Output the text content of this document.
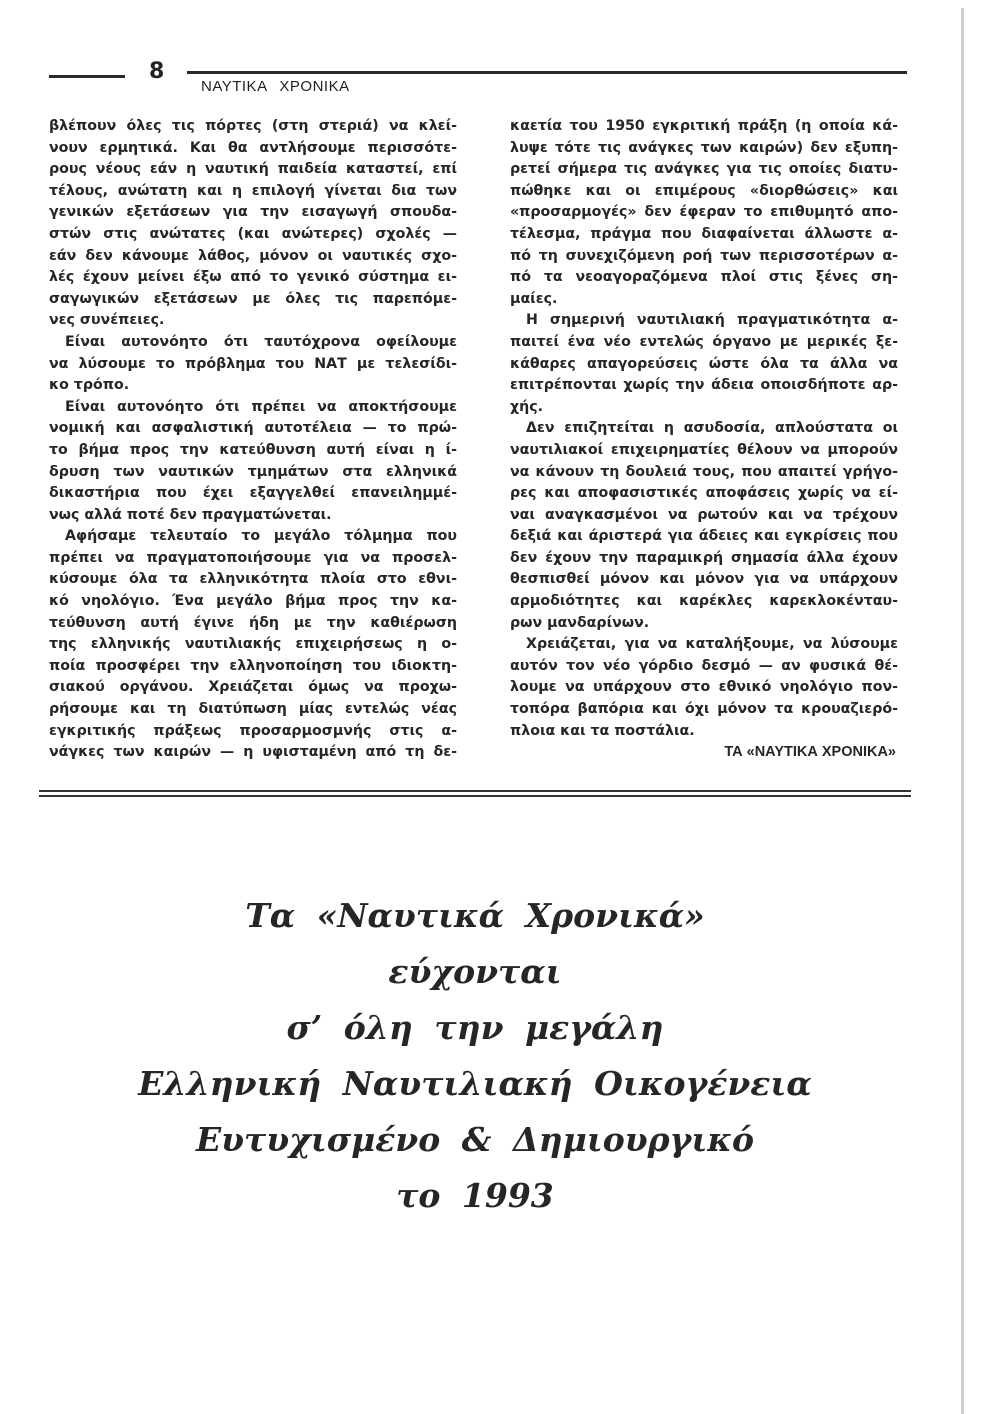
8
ΝΑΥΤΙΚΑ ΧΡΟΝΙΚΑ
βλέπουν όλες τις πόρτες (στη στεριά) να κλεί-
νουν ερμητικά. Και θα αντλήσουμε περισσότε-
ρους νέους εάν η ναυτική παιδεία καταστεί, επί
τέλους, ανώτατη και η επιλογή γίνεται δια των
γενικών εξετάσεων για την εισαγωγή σπουδα-
στών στις ανώτατες (και ανώτερες) σχολές —
εάν δεν κάνουμε λάθος, μόνον οι ναυτικές σχο-
λές έχουν μείνει έξω από το γενικό σύστημα ει-
σαγωγικών εξετάσεων με όλες τις παρεπόμε-
νες συνέπειες.
Είναι αυτονόητο ότι ταυτόχρονα οφείλουμε
να λύσουμε το πρόβλημα του ΝΑΤ με τελεσίδι-
κο τρόπο.
Είναι αυτονόητο ότι πρέπει να αποκτήσουμε
νομική και ασφαλιστική αυτοτέλεια — το πρώ-
το βήμα προς την κατεύθυνση αυτή είναι η ί-
δρυση των ναυτικών τμημάτων στα ελληνικά
δικαστήρια που έχει εξαγγελθεί επανειλημμέ-
νως αλλά ποτέ δεν πραγματώνεται.
Αφήσαμε τελευταίο το μεγάλο τόλμημα που
πρέπει να πραγματοποιήσουμε για να προσελ-
κύσουμε όλα τα ελληνικότητα πλοία στο εθνι-
κό νηολόγιο. Ένα μεγάλο βήμα προς την κα-
τεύθυνση αυτή έγινε ήδη με την καθιέρωση
της ελληνικής ναυτιλιακής επιχειρήσεως η ο-
ποία προσφέρει την ελληνοποίηση του ιδιοκτη-
σιακού οργάνου. Χρειάζεται όμως να προχω-
ρήσουμε και τη διατύπωση μίας εντελώς νέας
εγκριτικής πράξεως προσαρμοσμνής στις α-
νάγκες των καιρών — η υφισταμένη από τη δε-
καετία του 1950 εγκριτική πράξη (η οποία κά-
λυψε τότε τις ανάγκες των καιρών) δεν εξυπη-
ρετεί σήμερα τις ανάγκες για τις οποίες διατυ-
πώθηκε και οι επιμέρους «διορθώσεις» και
«προσαρμογές» δεν έφεραν το επιθυμητό απο-
τέλεσμα, πράγμα που διαφαίνεται άλλωστε α-
πό τη συνεχιζόμενη ροή των περισσοτέρων α-
πό τα νεοαγοραζόμενα πλοί στις ξένες ση-
μαίες.
Η σημερινή ναυτιλιακή πραγματικότητα α-
παιτεί ένα νέο εντελώς όργανο με μερικές ξε-
κάθαρες απαγορεύσεις ώστε όλα τα άλλα να
επιτρέπονται χωρίς την άδεια οποισδήποτε αρ-
χής.
Δεν επιζητείται η ασυδοσία, απλούστατα οι
ναυτιλιακοί επιχειρηματίες θέλουν να μπορούν
να κάνουν τη δουλειά τους, που απαιτεί γρήγο-
ρες και αποφασιστικές αποφάσεις χωρίς να εί-
ναι αναγκασμένοι να ρωτούν και να τρέχουν
δεξιά και άριστερά για άδειες και εγκρίσεις που
δεν έχουν την παραμικρή σημασία άλλα έχουν
θεσπισθεί μόνον και μόνον για να υπάρχουν
αρμοδιότητες και καρέκλες καρεκλοκένταυ-
ρων μανδαρίνων.
Χρειάζεται, για να καταλήξουμε, να λύσουμε
αυτόν τον νέο γόρδιο δεσμό — αν φυσικά θέ-
λουμε να υπάρχουν στο εθνικό νηολόγιο πον-
τοπόρα βαπόρια και όχι μόνον τα κρουαζιερό-
πλοια και τα ποστάλια.
ΤΑ «ΝΑΥΤΙΚΑ ΧΡΟΝΙΚΑ»
Τα «Ναυτικά Χρονικά»
εύχονται
σ’ όλη την μεγάλη
Ελληνική Ναυτιλιακή Οικογένεια
Ευτυχισμένο & Δημιουργικό
το 1993
